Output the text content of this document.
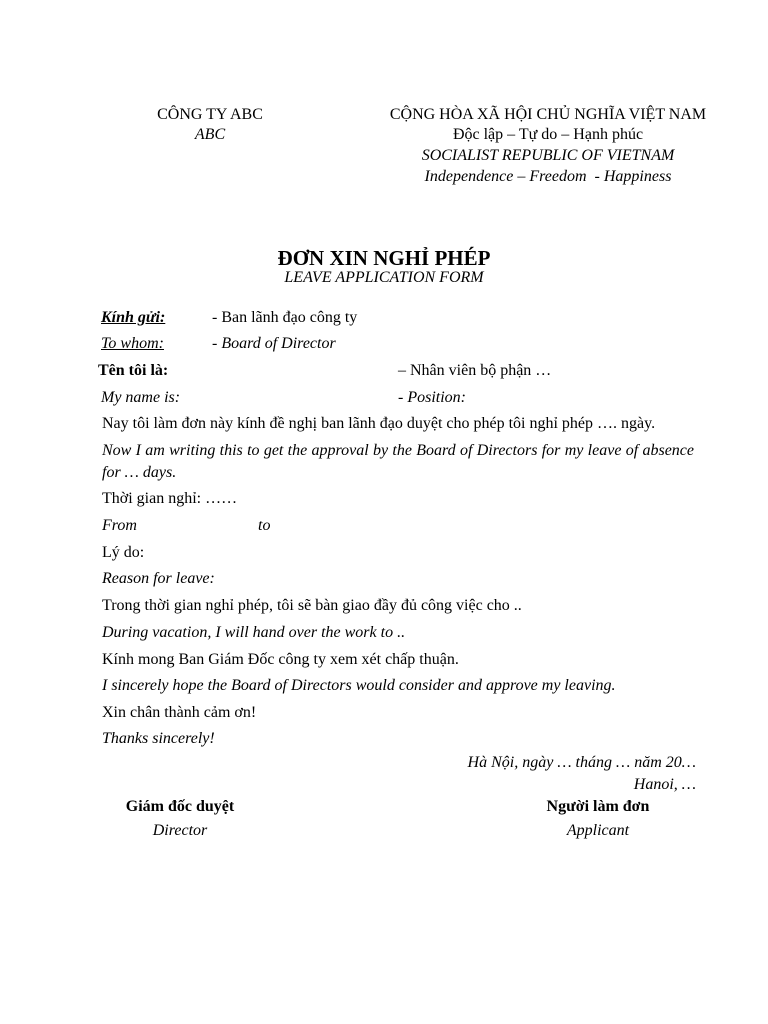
CÔNG TY ABC
ABC
CỘNG HÒA XÃ HỘI CHỦ NGHĨA VIỆT NAM
Độc lập – Tự do – Hạnh phúc
SOCIALIST REPUBLIC OF VIETNAM
Independence – Freedom  - Happiness
ĐƠN XIN NGHỈ PHÉP
LEAVE APPLICATION FORM
Kính gửi:	- Ban lãnh đạo công ty
To whom:	- Board of Director
Tên tôi là:	– Nhân viên bộ phận …
My name is:	- Position:
Nay tôi làm đơn này kính đề nghị ban lãnh đạo duyệt cho phép tôi nghỉ phép …. ngày.
Now I am writing this to get the approval by the Board of Directors for my leave of absence for … days.
Thời gian nghỉ: ……
From	to
Lý do:
Reason for leave:
Trong thời gian nghỉ phép, tôi sẽ bàn giao đầy đủ công việc cho ..
During vacation, I will hand over the work to ..
Kính mong Ban Giám Đốc công ty xem xét chấp thuận.
I sincerely hope the Board of Directors would consider and approve my leaving.
Xin chân thành cảm ơn!
Thanks sincerely!
Hà Nội, ngày … tháng … năm 20…
Hanoi, …
Giám đốc duyệt
Director
Người làm đơn
Applicant
